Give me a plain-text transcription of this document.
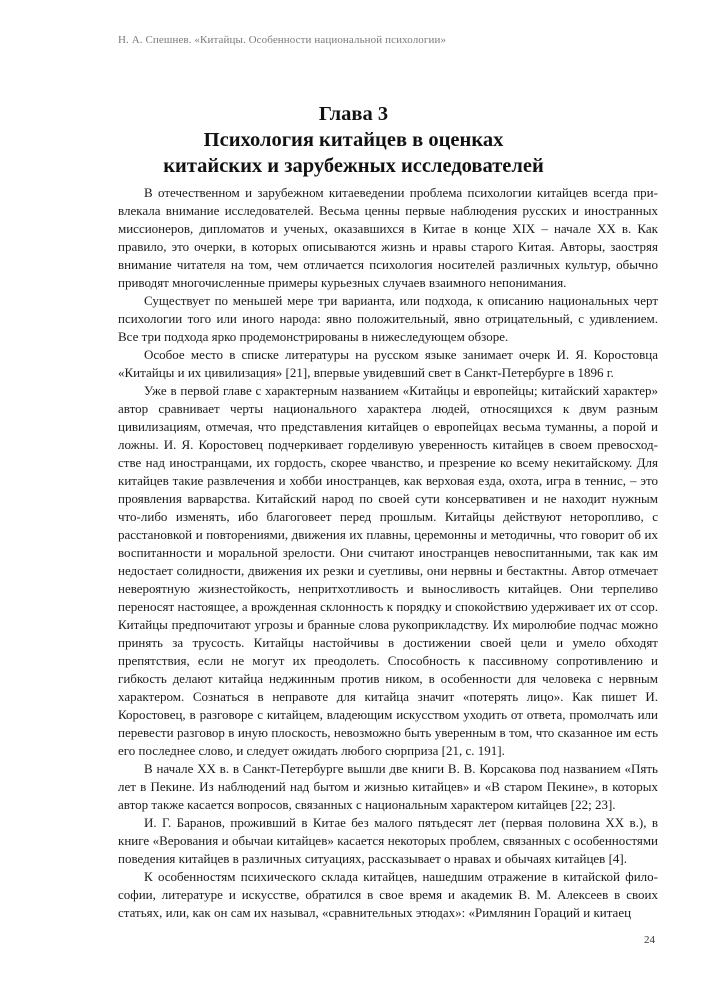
Н. А. Спешнев. «Китайцы. Особенности национальной психологии»
Глава 3
Психология китайцев в оценках
китайских и зарубежных исследователей

В отечественном и зарубежном китаеведении проблема психологии китайцев всегда привлекала внимание исследователей. Весьма ценны первые наблюдения русских и иностранных миссионеров, дипломатов и ученых, оказавшихся в Китае в конце XIX – начале XX в. Как правило, это очерки, в которых описываются жизнь и нравы старого Китая. Авторы, заостряя внимание читателя на том, чем отличается психология носителей различных культур, обычно приводят многочисленные примеры курьезных случаев взаимного непонимания.

Существует по меньшей мере три варианта, или подхода, к описанию национальных черт психологии того или иного народа: явно положительный, явно отрицательный, с удивлением. Все три подхода ярко продемонстрированы в нижеследующем обзоре.

Особое место в списке литературы на русском языке занимает очерк И. Я. Коростовца «Китайцы и их цивилизация» [21], впервые увидевший свет в Санкт-Петербурге в 1896 г.

Уже в первой главе с характерным названием «Китайцы и европейцы; китайский характер» автор сравнивает черты национального характера людей, относящихся к двум разным цивилизациям, отмечая, что представления китайцев о европейцах весьма туманны, а порой и ложны. И. Я. Коростовец подчеркивает горделивую уверенность китайцев в своем превосходстве над иностранцами, их гордость, скорее чванство, и презрение ко всему некитайскому. Для китайцев такие развлечения и хобби иностранцев, как верховая езда, охота, игра в теннис, – это проявления варварства. Китайский народ по своей сути консервативен и не находит нужным что-либо изменять, ибо благоговеет перед прошлым. Китайцы действуют неторопливо, с расстановкой и повторениями, движения их плавны, церемонны и методичны, что говорит об их воспитанности и моральной зрелости. Они считают иностранцев невоспитанными, так как им недостает солидности, движения их резки и суетливы, они нервны и бестактны. Автор отмечает невероятную жизнестойкость, непритхотливость и выносливость китайцев. Они терпеливо переносят настоящее, а врожденная склонность к порядку и спокойствию удерживает их от ссор. Китайцы предпочитают угрозы и бранные слова рукоприкладству. Их миролюбие подчас можно принять за трусость. Китайцы настойчивы в достижении своей цели и умело обходят препятствия, если не могут их преодолеть. Способность к пассивному сопротивлению и гибкость делают китайца неджинным против ником, в особенности для человека с нервным характером. Сознаться в неправоте для китайца значит «потерять лицо». Как пишет И. Коростовец, в разговоре с китайцем, владеющим искусством уходить от ответа, промолчать или перевести разговор в иную плоскость, невозможно быть уверенным в том, что сказанное им есть его последнее слово, и следует ожидать любого сюрприза [21, с. 191].

В начале XX в. в Санкт-Петербурге вышли две книги В. В. Корсакова под названием «Пять лет в Пекине. Из наблюдений над бытом и жизнью китайцев» и «В старом Пекине», в которых автор также касается вопросов, связанных с национальным характером китайцев [22; 23].

И. Г. Баранов, проживший в Китае без малого пятьдесят лет (первая половина XX в.), в книге «Верования и обычаи китайцев» касается некоторых проблем, связанных с особенностями поведения китайцев в различных ситуациях, рассказывает о нравах и обычаях китайцев [4].

К особенностям психического склада китайцев, нашедшим отражение в китайской философии, литературе и искусстве, обратился в свое время и академик В. М. Алексеев в своих статьях, или, как он сам их называл, «сравнительных этюдах»: «Римлянин Гораций и китаец

24
